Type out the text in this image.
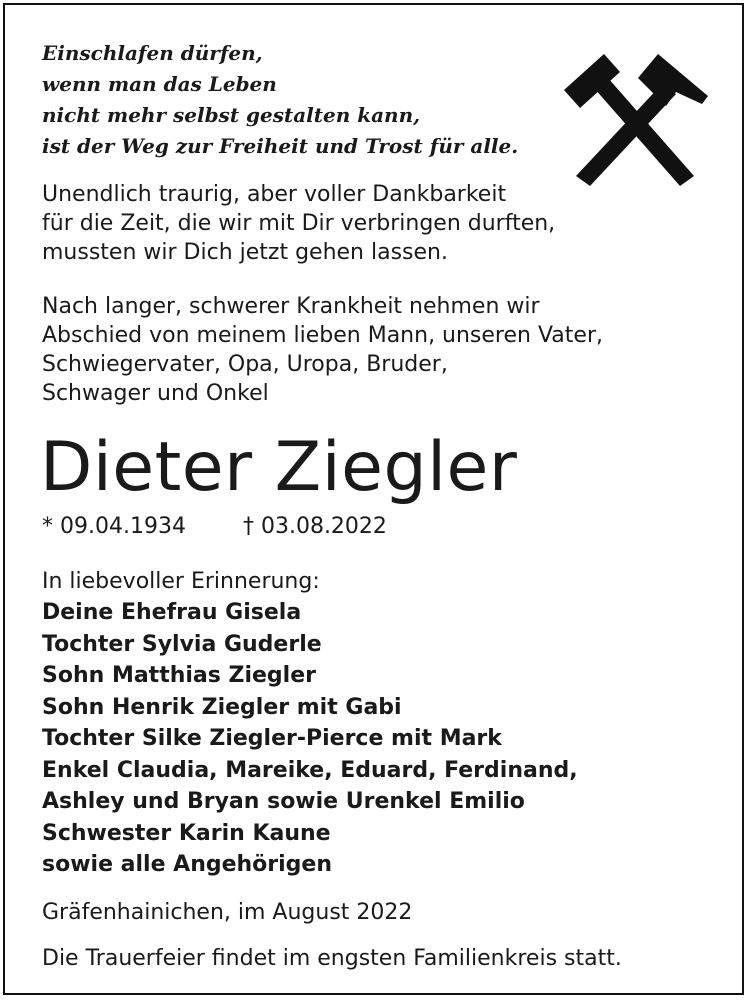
Einschlafen dürfen,
wenn man das Leben
nicht mehr selbst gestalten kann,
ist der Weg zur Freiheit und Trost für alle.
Unendlich traurig, aber voller Dankbarkeit
für die Zeit, die wir mit Dir verbringen durften,
mussten wir Dich jetzt gehen lassen.
Nach langer, schwerer Krankheit nehmen wir
Abschied von meinem lieben Mann, unseren Vater,
Schwiegervater, Opa, Uropa, Bruder,
Schwager und Onkel
Dieter Ziegler
* 09.04.1934	† 03.08.2022
In liebevoller Erinnerung:
Deine Ehefrau Gisela
Tochter Sylvia Guderle
Sohn Matthias Ziegler
Sohn Henrik Ziegler mit Gabi
Tochter Silke Ziegler-Pierce mit Mark
Enkel Claudia, Mareike, Eduard, Ferdinand,
Ashley und Bryan sowie Urenkel Emilio
Schwester Karin Kaune
sowie alle Angehörigen
Gräfenhainichen, im August 2022
Die Trauerfeier findet im engsten Familienkreis statt.
